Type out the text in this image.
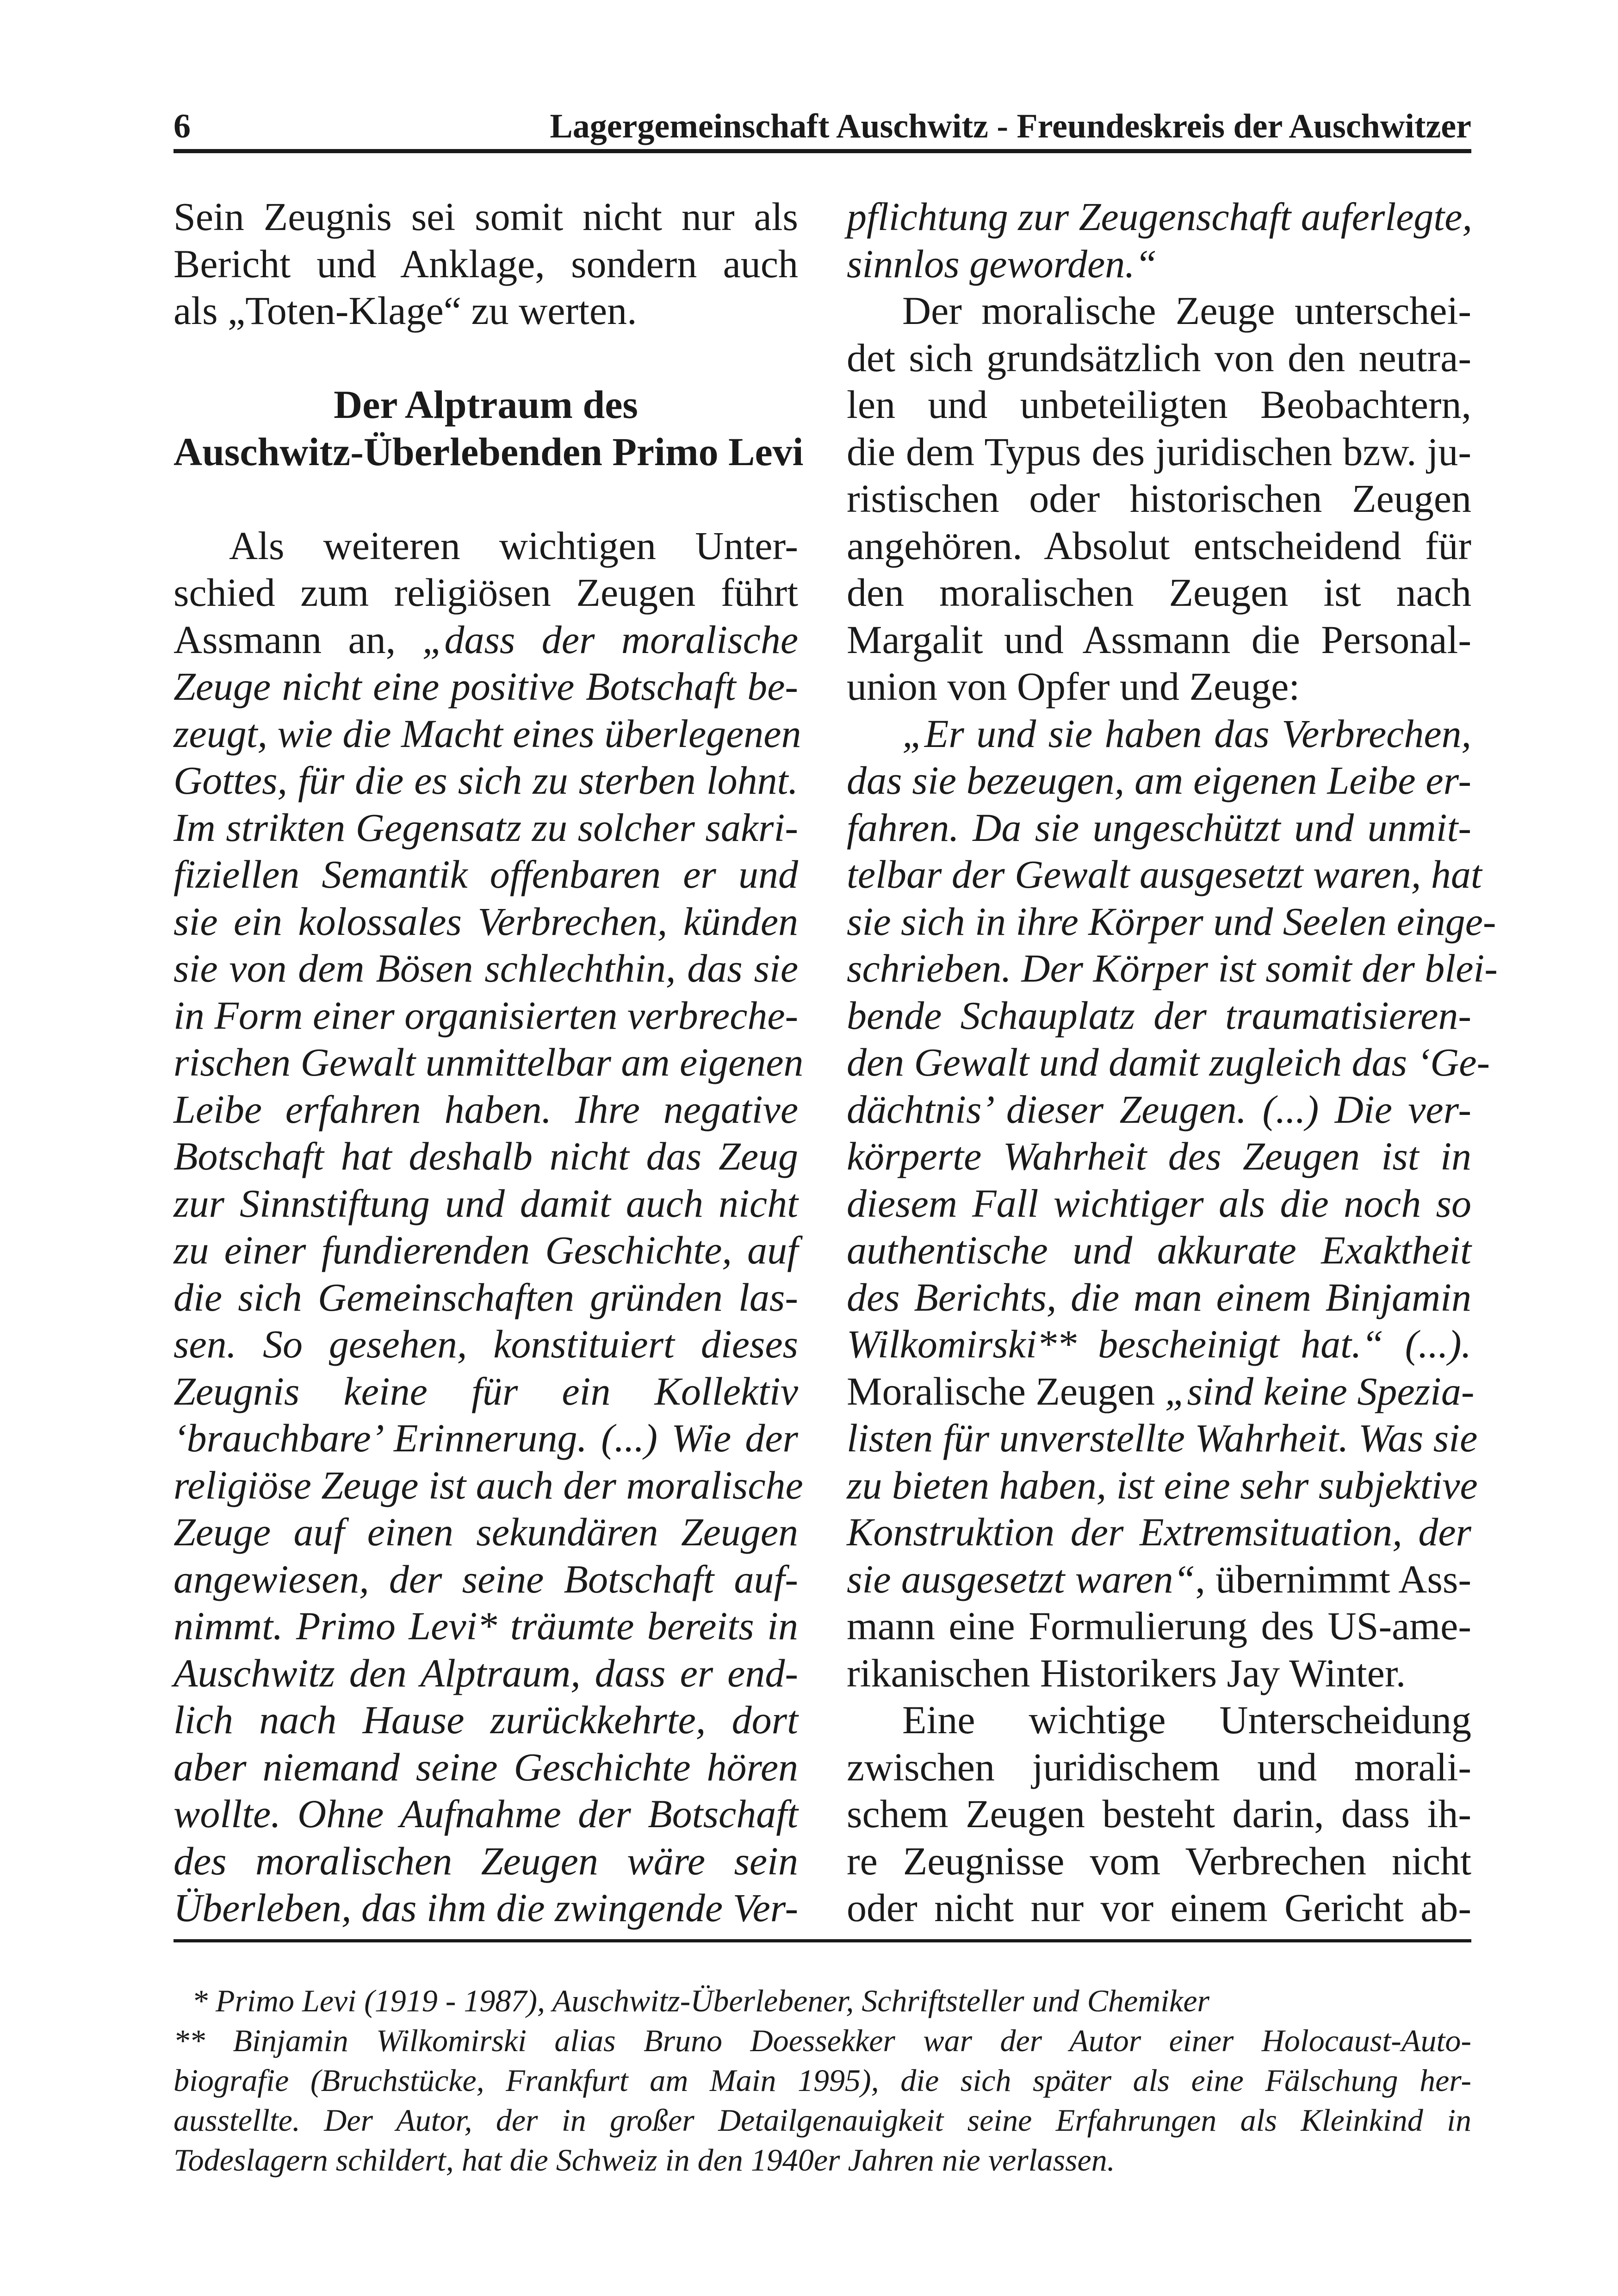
6	Lagergemeinschaft Auschwitz - Freundeskreis der Auschwitzer

Sein Zeugnis sei somit nicht nur als
Bericht und Anklage, sondern auch
als „Toten-Klage“ zu werten.

Der Alptraum des
Auschwitz-Überlebenden Primo Levi

Als weiteren wichtigen Unter-
schied zum religiösen Zeugen führt
Assmann an, „dass der moralische
Zeuge nicht eine positive Botschaft be-
zeugt, wie die Macht eines überlegenen
Gottes, für die es sich zu sterben lohnt.
Im strikten Gegensatz zu solcher sakri-
fiziellen Semantik offenbaren er und
sie ein kolossales Verbrechen, künden
sie von dem Bösen schlechthin, das sie
in Form einer organisierten verbreche-
rischen Gewalt unmittelbar am eigenen
Leibe erfahren haben. Ihre negative
Botschaft hat deshalb nicht das Zeug
zur Sinnstiftung und damit auch nicht
zu einer fundierenden Geschichte, auf
die sich Gemeinschaften gründen las-
sen. So gesehen, konstituiert dieses
Zeugnis keine für ein Kollektiv
‘brauchbare’ Erinnerung. (...) Wie der
religiöse Zeuge ist auch der moralische
Zeuge auf einen sekundären Zeugen
angewiesen, der seine Botschaft auf-
nimmt. Primo Levi* träumte bereits in
Auschwitz den Alptraum, dass er end-
lich nach Hause zurückkehrte, dort
aber niemand seine Geschichte hören
wollte. Ohne Aufnahme der Botschaft
des moralischen Zeugen wäre sein
Überleben, das ihm die zwingende Ver-

pflichtung zur Zeugenschaft auferlegte,
sinnlos geworden.“

Der moralische Zeuge unterschei-
det sich grundsätzlich von den neutra-
len und unbeteiligten Beobachtern,
die dem Typus des juridischen bzw. ju-
ristischen oder historischen Zeugen
angehören. Absolut entscheidend für
den moralischen Zeugen ist nach
Margalit und Assmann die Personal-
union von Opfer und Zeuge:

„Er und sie haben das Verbrechen,
das sie bezeugen, am eigenen Leibe er-
fahren. Da sie ungeschützt und unmit-
telbar der Gewalt ausgesetzt waren, hat
sie sich in ihre Körper und Seelen einge-
schrieben. Der Körper ist somit der blei-
bende Schauplatz der traumatisieren-
den Gewalt und damit zugleich das ‘Ge-
dächtnis’ dieser Zeugen. (...) Die ver-
körperte Wahrheit des Zeugen ist in
diesem Fall wichtiger als die noch so
authentische und akkurate Exaktheit
des Berichts, die man einem Binjamin
Wilkomirski** bescheinigt hat.“ (...).
Moralische Zeugen „sind keine Spezia-
listen für unverstellte Wahrheit. Was sie
zu bieten haben, ist eine sehr subjektive
Konstruktion der Extremsituation, der
sie ausgesetzt waren“, übernimmt Ass-
mann eine Formulierung des US-ame-
rikanischen Historikers Jay Winter.

Eine wichtige Unterscheidung
zwischen juridischem und morali-
schem Zeugen besteht darin, dass ih-
re Zeugnisse vom Verbrechen nicht
oder nicht nur vor einem Gericht ab-

* Primo Levi (1919 - 1987), Auschwitz-Überlebener, Schriftsteller und Chemiker
** Binjamin Wilkomirski alias Bruno Doessekker war der Autor einer Holocaust-Auto-
biografie (Bruchstücke, Frankfurt am Main 1995), die sich später als eine Fälschung her-
ausstellte. Der Autor, der in großer Detailgenauigkeit seine Erfahrungen als Kleinkind in
Todeslagern schildert, hat die Schweiz in den 1940er Jahren nie verlassen.
